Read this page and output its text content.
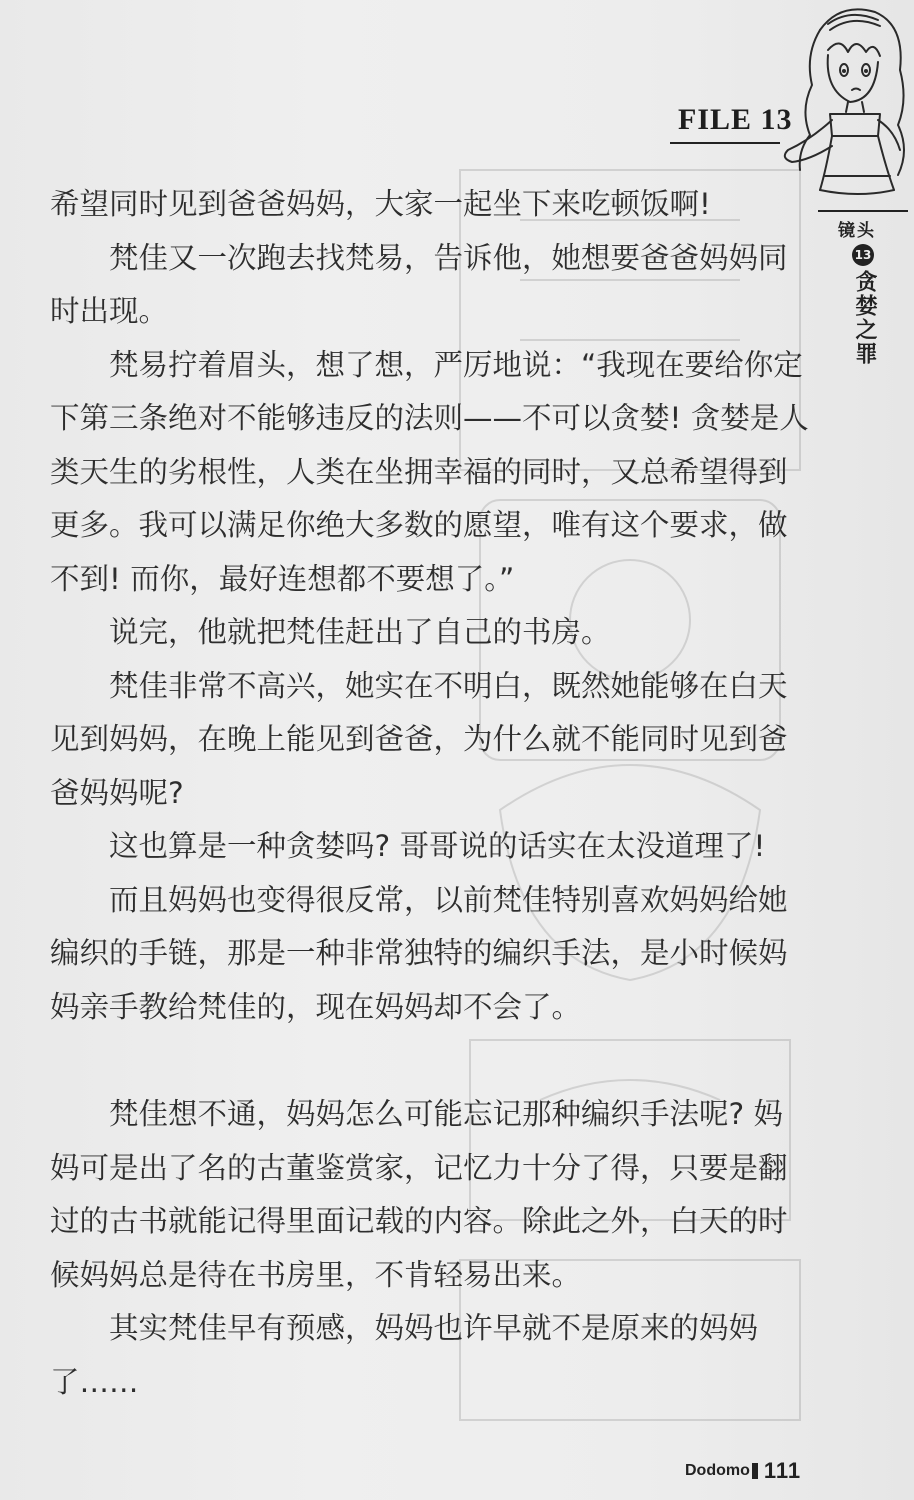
FILE 13
镜头
13
贪婪之罪

希望同时见到爸爸妈妈，大家一起坐下来吃顿饭啊!

梵佳又一次跑去找梵易，告诉他，她想要爸爸妈妈同时出现。

梵易拧着眉头，想了想，严厉地说：“我现在要给你定下第三条绝对不能够违反的法则——不可以贪婪! 贪婪是人类天生的劣根性，人类在坐拥幸福的同时，又总希望得到更多。我可以满足你绝大多数的愿望，唯有这个要求，做不到! 而你，最好连想都不要想了。”

说完，他就把梵佳赶出了自己的书房。

梵佳非常不高兴，她实在不明白，既然她能够在白天见到妈妈，在晚上能见到爸爸，为什么就不能同时见到爸爸妈妈呢?

这也算是一种贪婪吗? 哥哥说的话实在太没道理了!

而且妈妈也变得很反常，以前梵佳特别喜欢妈妈给她编织的手链，那是一种非常独特的编织手法，是小时候妈妈亲手教给梵佳的，现在妈妈却不会了。

梵佳想不通，妈妈怎么可能忘记那种编织手法呢? 妈妈可是出了名的古董鉴赏家，记忆力十分了得，只要是翻过的古书就能记得里面记载的内容。除此之外，白天的时候妈妈总是待在书房里，不肯轻易出来。

其实梵佳早有预感，妈妈也许早就不是原来的妈妈了……

Dodomo 111
